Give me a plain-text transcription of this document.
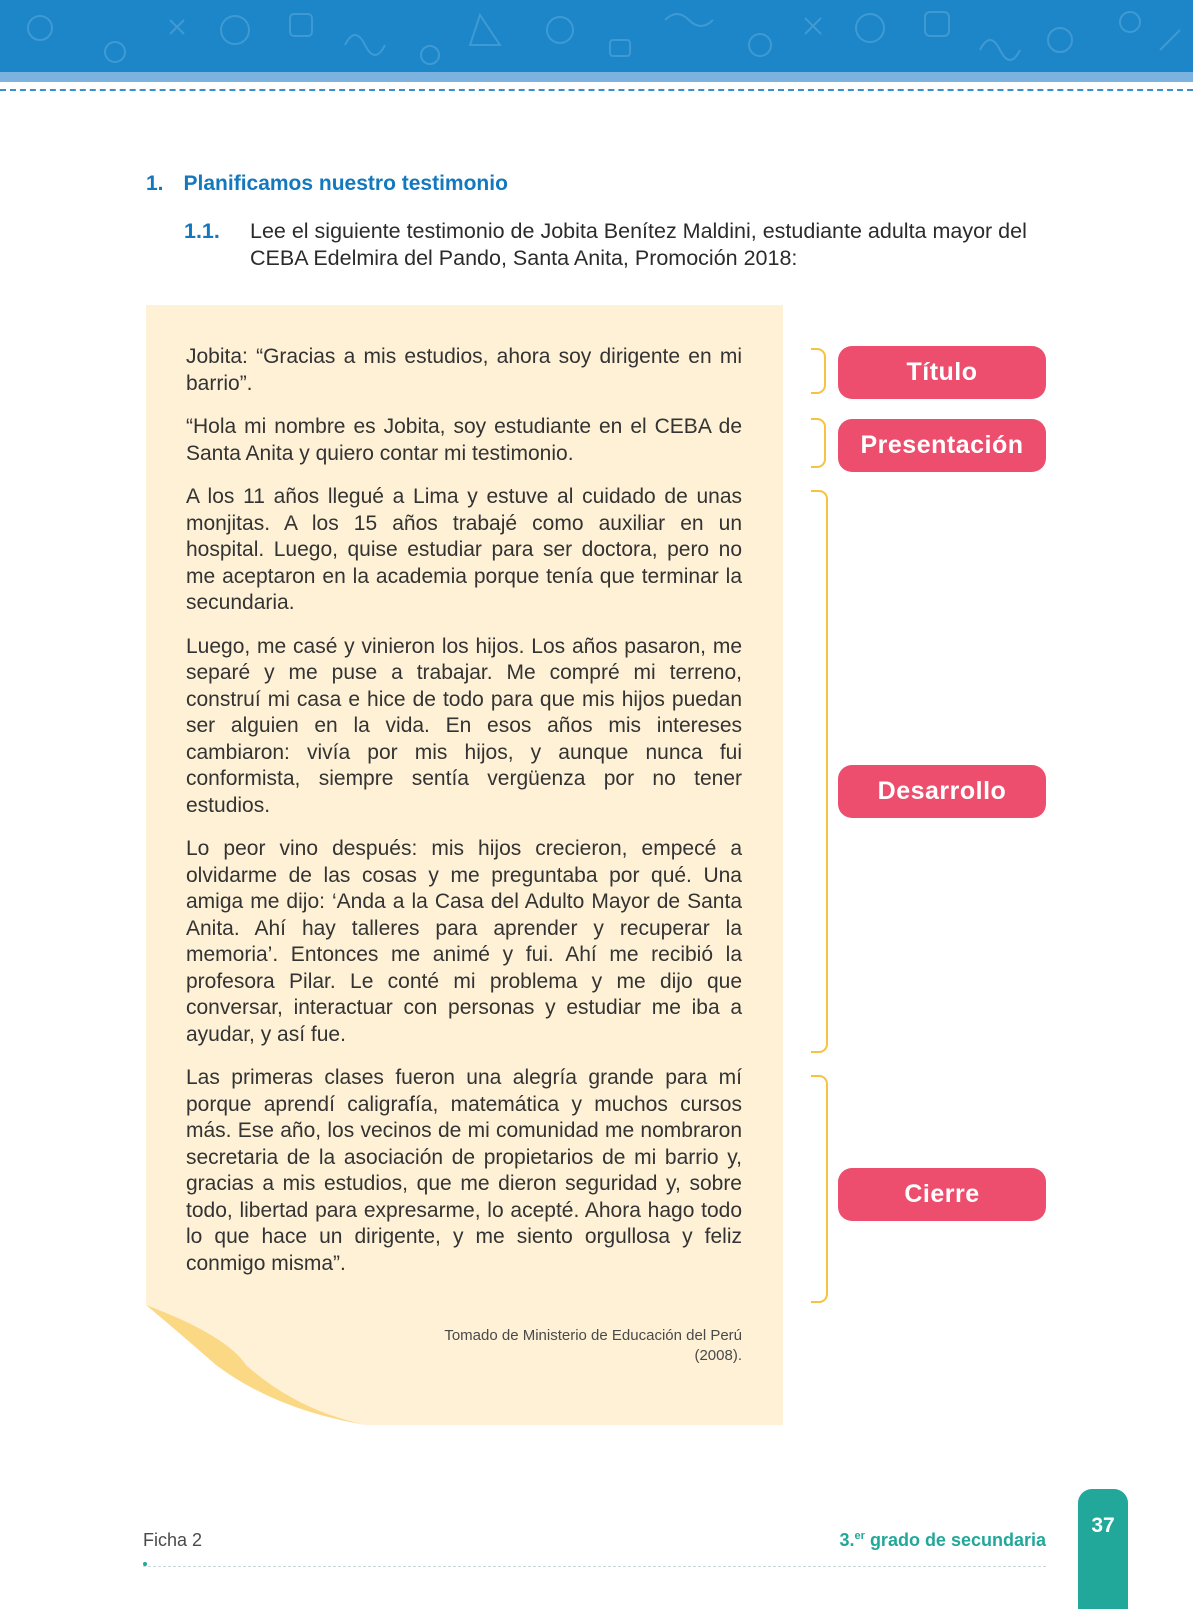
1. Planificamos nuestro testimonio
1.1.	Lee el siguiente testimonio de Jobita Benítez Maldini, estudiante adulta mayor del CEBA Edelmira del Pando, Santa Anita, Promoción 2018:

Jobita: “Gracias a mis estudios, ahora soy dirigente en mi barrio”.

“Hola mi nombre es Jobita, soy estudiante en el CEBA de Santa Anita y quiero contar mi testimonio.

A los 11 años llegué a Lima y estuve al cuidado de unas monjitas. A los 15 años trabajé como auxiliar en un hospital. Luego, quise estudiar para ser doctora, pero no me aceptaron en la academia porque tenía que terminar la secundaria.

Luego, me casé y vinieron los hijos. Los años pasaron, me separé y me puse a trabajar. Me compré mi terreno, construí mi casa e hice de todo para que mis hijos puedan ser alguien en la vida. En esos años mis intereses cambiaron: vivía por mis hijos, y aunque nunca fui conformista, siempre sentía vergüenza por no tener estudios.

Lo peor vino después: mis hijos crecieron, empecé a olvidarme de las cosas y me preguntaba por qué. Una amiga me dijo: ‘Anda a la Casa del Adulto Mayor de Santa Anita. Ahí hay talleres para aprender y recuperar la memoria’. Entonces me animé y fui. Ahí me recibió la profesora Pilar. Le conté mi problema y me dijo que conversar, interactuar con personas y estudiar me iba a ayudar, y así fue.

Las primeras clases fueron una alegría grande para mí porque aprendí caligrafía, matemática y muchos cursos más. Ese año, los vecinos de mi comunidad me nombraron secretaria de la asociación de propietarios de mi barrio y, gracias a mis estudios, que me dieron seguridad y, sobre todo, libertad para expresarme, lo acepté. Ahora hago todo lo que hace un dirigente, y me siento orgullosa y feliz conmigo misma”.

Tomado de Ministerio de Educación del Perú
(2008).
Título
Presentación
Desarrollo
Cierre
Ficha 2	3.$^{er}$ grado de secundaria
37
